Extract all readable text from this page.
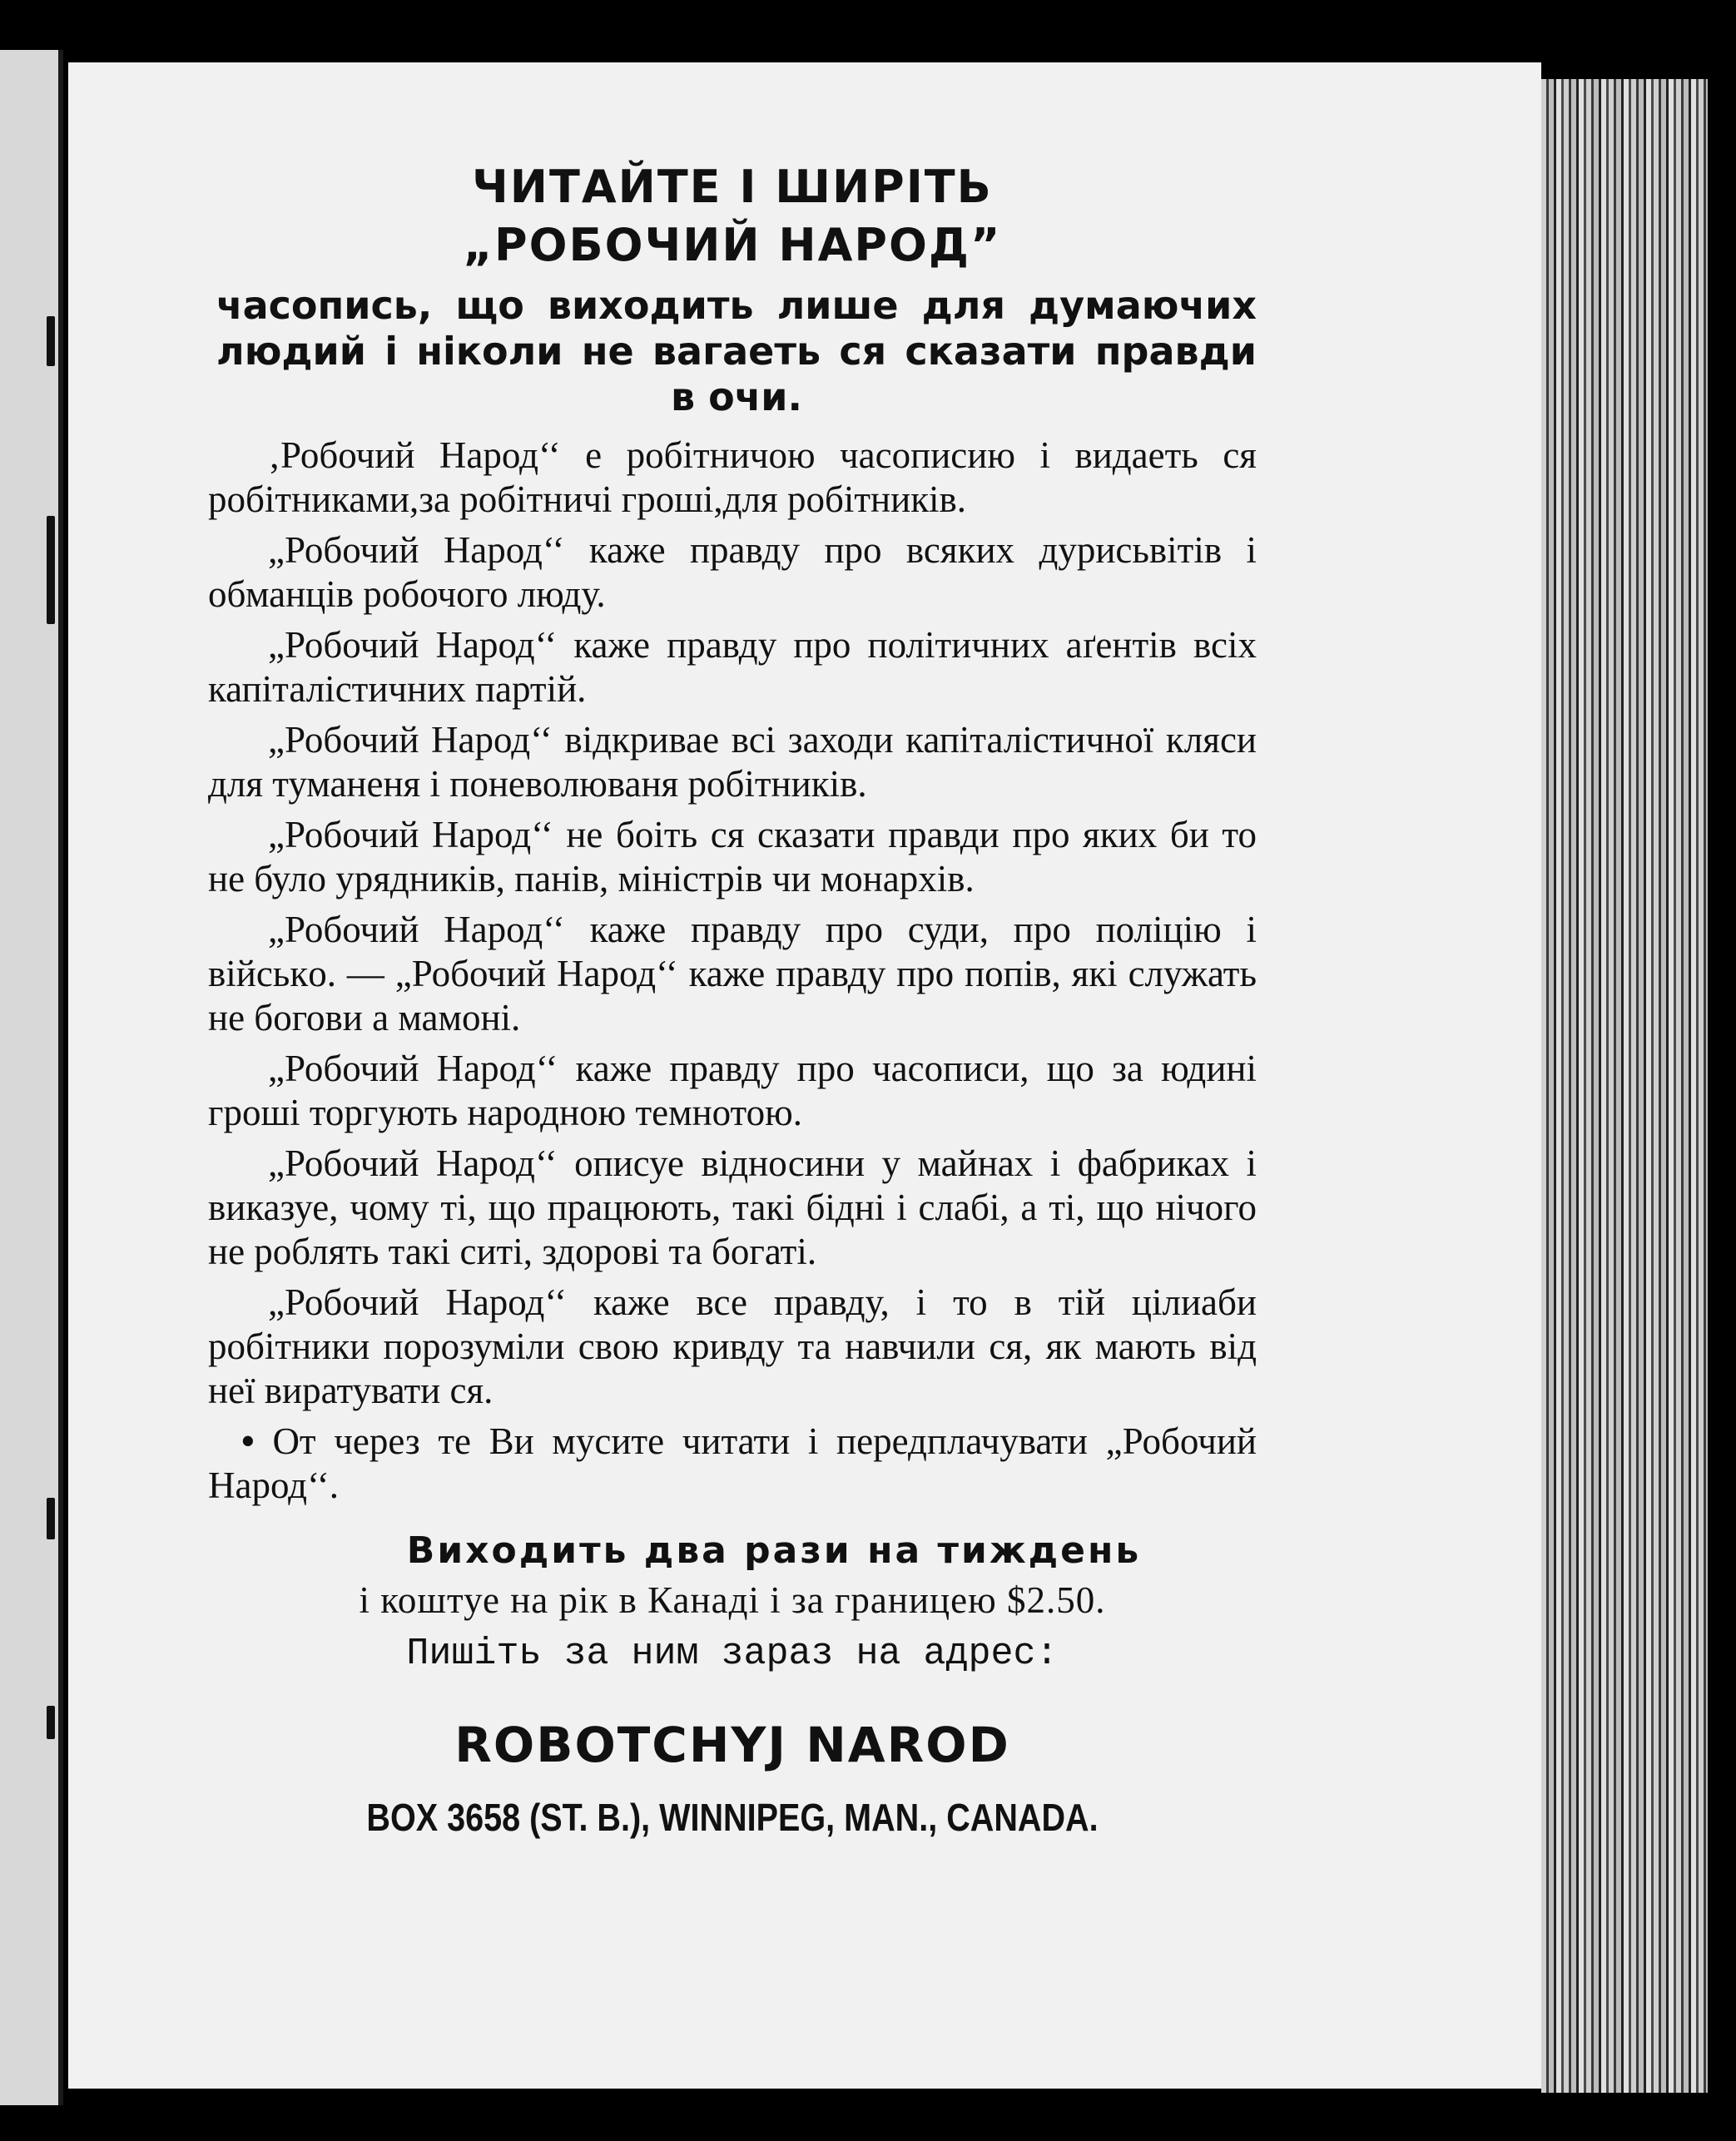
ЧИТАЙТЕ І ШИРІТЬ
„РОБОЧИЙ НАРОД”
часопись, що виходить лише для думаючих людий і ніколи не вагаеть ся сказати правди в очи.

‚Робочий Народ‘‘ е робітничою часописию і видаеть ся робітниками,за робітничі гроші,для робітників.

„Робочий Народ‘‘ каже правду про всяких дурисьвітів і обманців робочого люду.

„Робочий Народ‘‘ каже правду про політичних аґентів всіх капіталістичних партій.

„Робочий Народ‘‘ відкривае всі заходи капіталістичної кляси для туманеня і поневолюваня робітників.

„Робочий Народ‘‘ не боіть ся сказати правди про яких би то не було урядників, панів, міністрів чи монархів.

„Робочий Народ‘‘ каже правду про суди, про поліцію і військo. — „Робочий Народ‘‘ каже правду про попів, які служать не богови а мамоні.

„Робочий Народ‘‘ каже правду про часописи, що за юдині гроші торгують народною темнотою.

„Робочий Народ‘‘ описуе відносини у майнах і фабриках і виказуе, чому ті, що працюють, такі бідні і слабі, а ті, що нічого не роблять такі ситі, здорові та богаті.

„Робочий Народ‘‘ каже все правду, і то в тій цілиаби робітники порозуміли свою кривду та навчили ся, як мають від неї виратувати ся.

• От через те Ви мусите читати і передплачувати „Робочий Народ‘‘.

Виходить два рази на тиждень
і коштуе на рік в Канаді і за границею $2.50.
Пишіть за ним зараз на адрес:
ROBOTCHYJ NAROD
BOX 3658 (ST. B.), WINNIPEG, MAN., CANADA.
